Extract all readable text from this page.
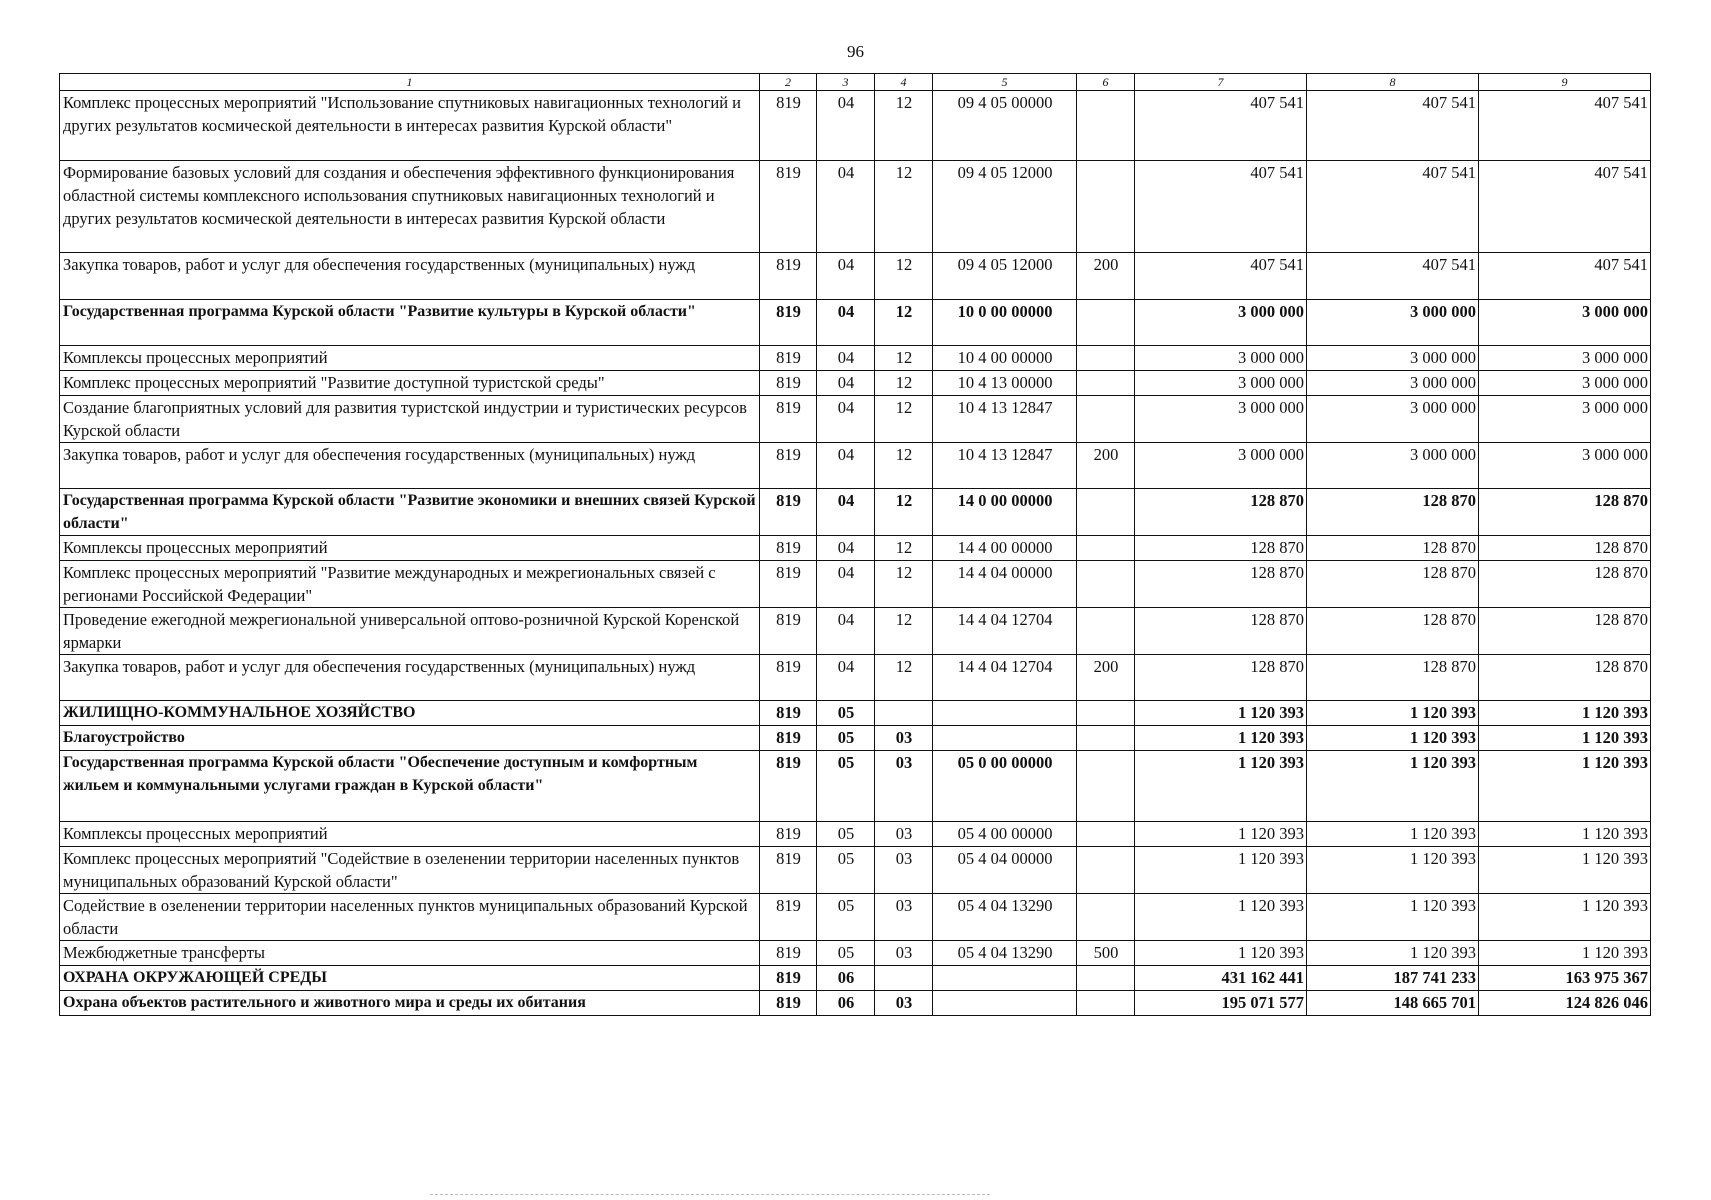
96
1	2	3	4	5	6	7	8	9
Комплекс процессных мероприятий "Использование спутниковых навигационных технологий и других результатов космической деятельности в интересах развития Курской области"	819	04	12	09 4 05 00000		407 541	407 541	407 541
Формирование базовых условий для создания и обеспечения эффективного функционирования областной системы комплексного использования спутниковых навигационных технологий и других результатов космической деятельности в интересах развития Курской области	819	04	12	09 4 05 12000		407 541	407 541	407 541
Закупка товаров, работ и услуг для обеспечения государственных (муниципальных) нужд	819	04	12	09 4 05 12000	200	407 541	407 541	407 541
Государственная программа Курской области "Развитие культуры в Курской области"	819	04	12	10 0 00 00000		3 000 000	3 000 000	3 000 000
Комплексы процессных мероприятий	819	04	12	10 4 00 00000		3 000 000	3 000 000	3 000 000
Комплекс процессных мероприятий "Развитие доступной туристской среды"	819	04	12	10 4 13 00000		3 000 000	3 000 000	3 000 000
Создание благоприятных условий для развития туристской индустрии и туристических ресурсов Курской области	819	04	12	10 4 13 12847		3 000 000	3 000 000	3 000 000
Закупка товаров, работ и услуг для обеспечения государственных (муниципальных) нужд	819	04	12	10 4 13 12847	200	3 000 000	3 000 000	3 000 000
Государственная программа Курской области "Развитие экономики и внешних связей Курской области"	819	04	12	14 0 00 00000		128 870	128 870	128 870
Комплексы процессных мероприятий	819	04	12	14 4 00 00000		128 870	128 870	128 870
Комплекс процессных мероприятий "Развитие международных и межрегиональных связей с регионами Российской Федерации"	819	04	12	14 4 04 00000		128 870	128 870	128 870
Проведение ежегодной межрегиональной универсальной оптово-розничной Курской Коренской ярмарки	819	04	12	14 4 04 12704		128 870	128 870	128 870
Закупка товаров, работ и услуг для обеспечения государственных (муниципальных) нужд	819	04	12	14 4 04 12704	200	128 870	128 870	128 870
ЖИЛИЩНО-КОММУНАЛЬНОЕ ХОЗЯЙСТВО	819	05				1 120 393	1 120 393	1 120 393
Благоустройство	819	05	03			1 120 393	1 120 393	1 120 393
Государственная программа Курской области "Обеспечение доступным и комфортным жильем и коммунальными услугами граждан в Курской области"	819	05	03	05 0 00 00000		1 120 393	1 120 393	1 120 393
Комплексы процессных мероприятий	819	05	03	05 4 00 00000		1 120 393	1 120 393	1 120 393
Комплекс процессных мероприятий "Содействие в озеленении территории населенных пунктов муниципальных образований Курской области"	819	05	03	05 4 04 00000		1 120 393	1 120 393	1 120 393
Содействие в озеленении территории населенных пунктов муниципальных образований Курской области	819	05	03	05 4 04 13290		1 120 393	1 120 393	1 120 393
Межбюджетные трансферты	819	05	03	05 4 04 13290	500	1 120 393	1 120 393	1 120 393
ОХРАНА ОКРУЖАЮЩЕЙ СРЕДЫ	819	06				431 162 441	187 741 233	163 975 367
Охрана объектов растительного и животного мира и среды их обитания	819	06	03			195 071 577	148 665 701	124 826 046
